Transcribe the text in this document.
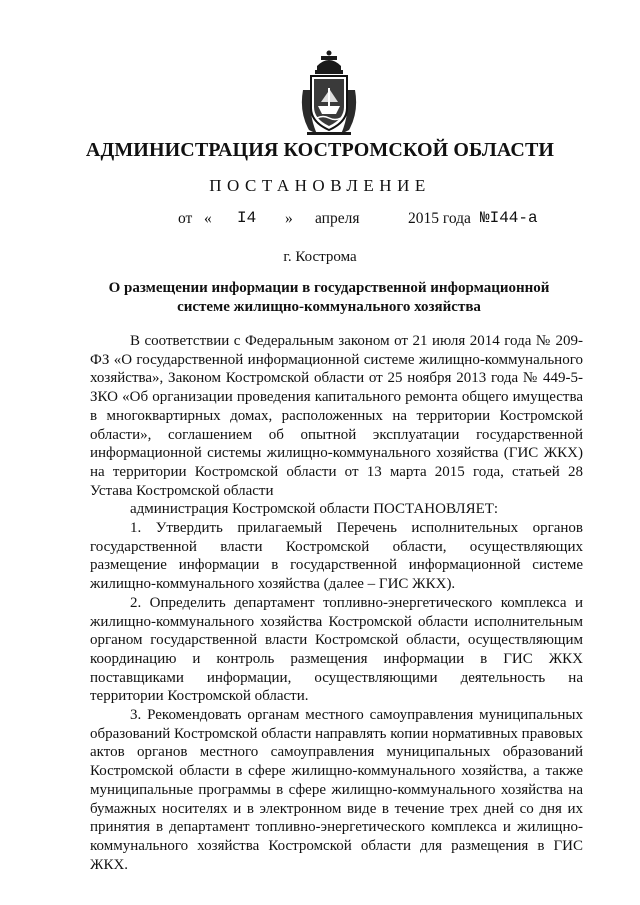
АДМИНИСТРАЦИЯ КОСТРОМСКОЙ ОБЛАСТИ
ПОСТАНОВЛЕНИЕ
от « I4 » апреля	2015 года №I44-а
г. Кострома
О размещении информации в государственной информационной системе жилищно-коммунального хозяйства

В соответствии с Федеральным законом от 21 июля 2014 года № 209-ФЗ «О государственной информационной системе жилищно-коммунального хозяйства», Законом Костромской области от 25 ноября 2013 года № 449-5-ЗКО «Об организации проведения капитального ремонта общего имущества в многоквартирных домах, расположенных на территории Костромской области», соглашением об опытной эксплуатации государственной информационной системы жилищно-коммунального хозяйства (ГИС ЖКХ) на территории Костромской области от 13 марта 2015 года, статьей 28 Устава Костромской области

администрация Костромской области ПОСТАНОВЛЯЕТ:

1. Утвердить прилагаемый Перечень исполнительных органов государственной власти Костромской области, осуществляющих размещение информации в государственной информационной системе жилищно-коммунального хозяйства (далее – ГИС ЖКХ).

2. Определить департамент топливно-энергетического комплекса и жилищно-коммунального хозяйства Костромской области исполнительным органом государственной власти Костромской области, осуществляющим координацию и контроль размещения информации в ГИС ЖКХ поставщиками информации, осуществляющими деятельность на территории Костромской области.

3. Рекомендовать органам местного самоуправления муниципальных образований Костромской области направлять копии нормативных правовых актов органов местного самоуправления муниципальных образований Костромской области в сфере жилищно-коммунального хозяйства, а также муниципальные программы в сфере жилищно-коммунального хозяйства на бумажных носителях и в электронном виде в течение трех дней со дня их принятия в департамент топливно-энергетического комплекса и жилищно-коммунального хозяйства Костромской области для размещения в ГИС ЖКХ.
